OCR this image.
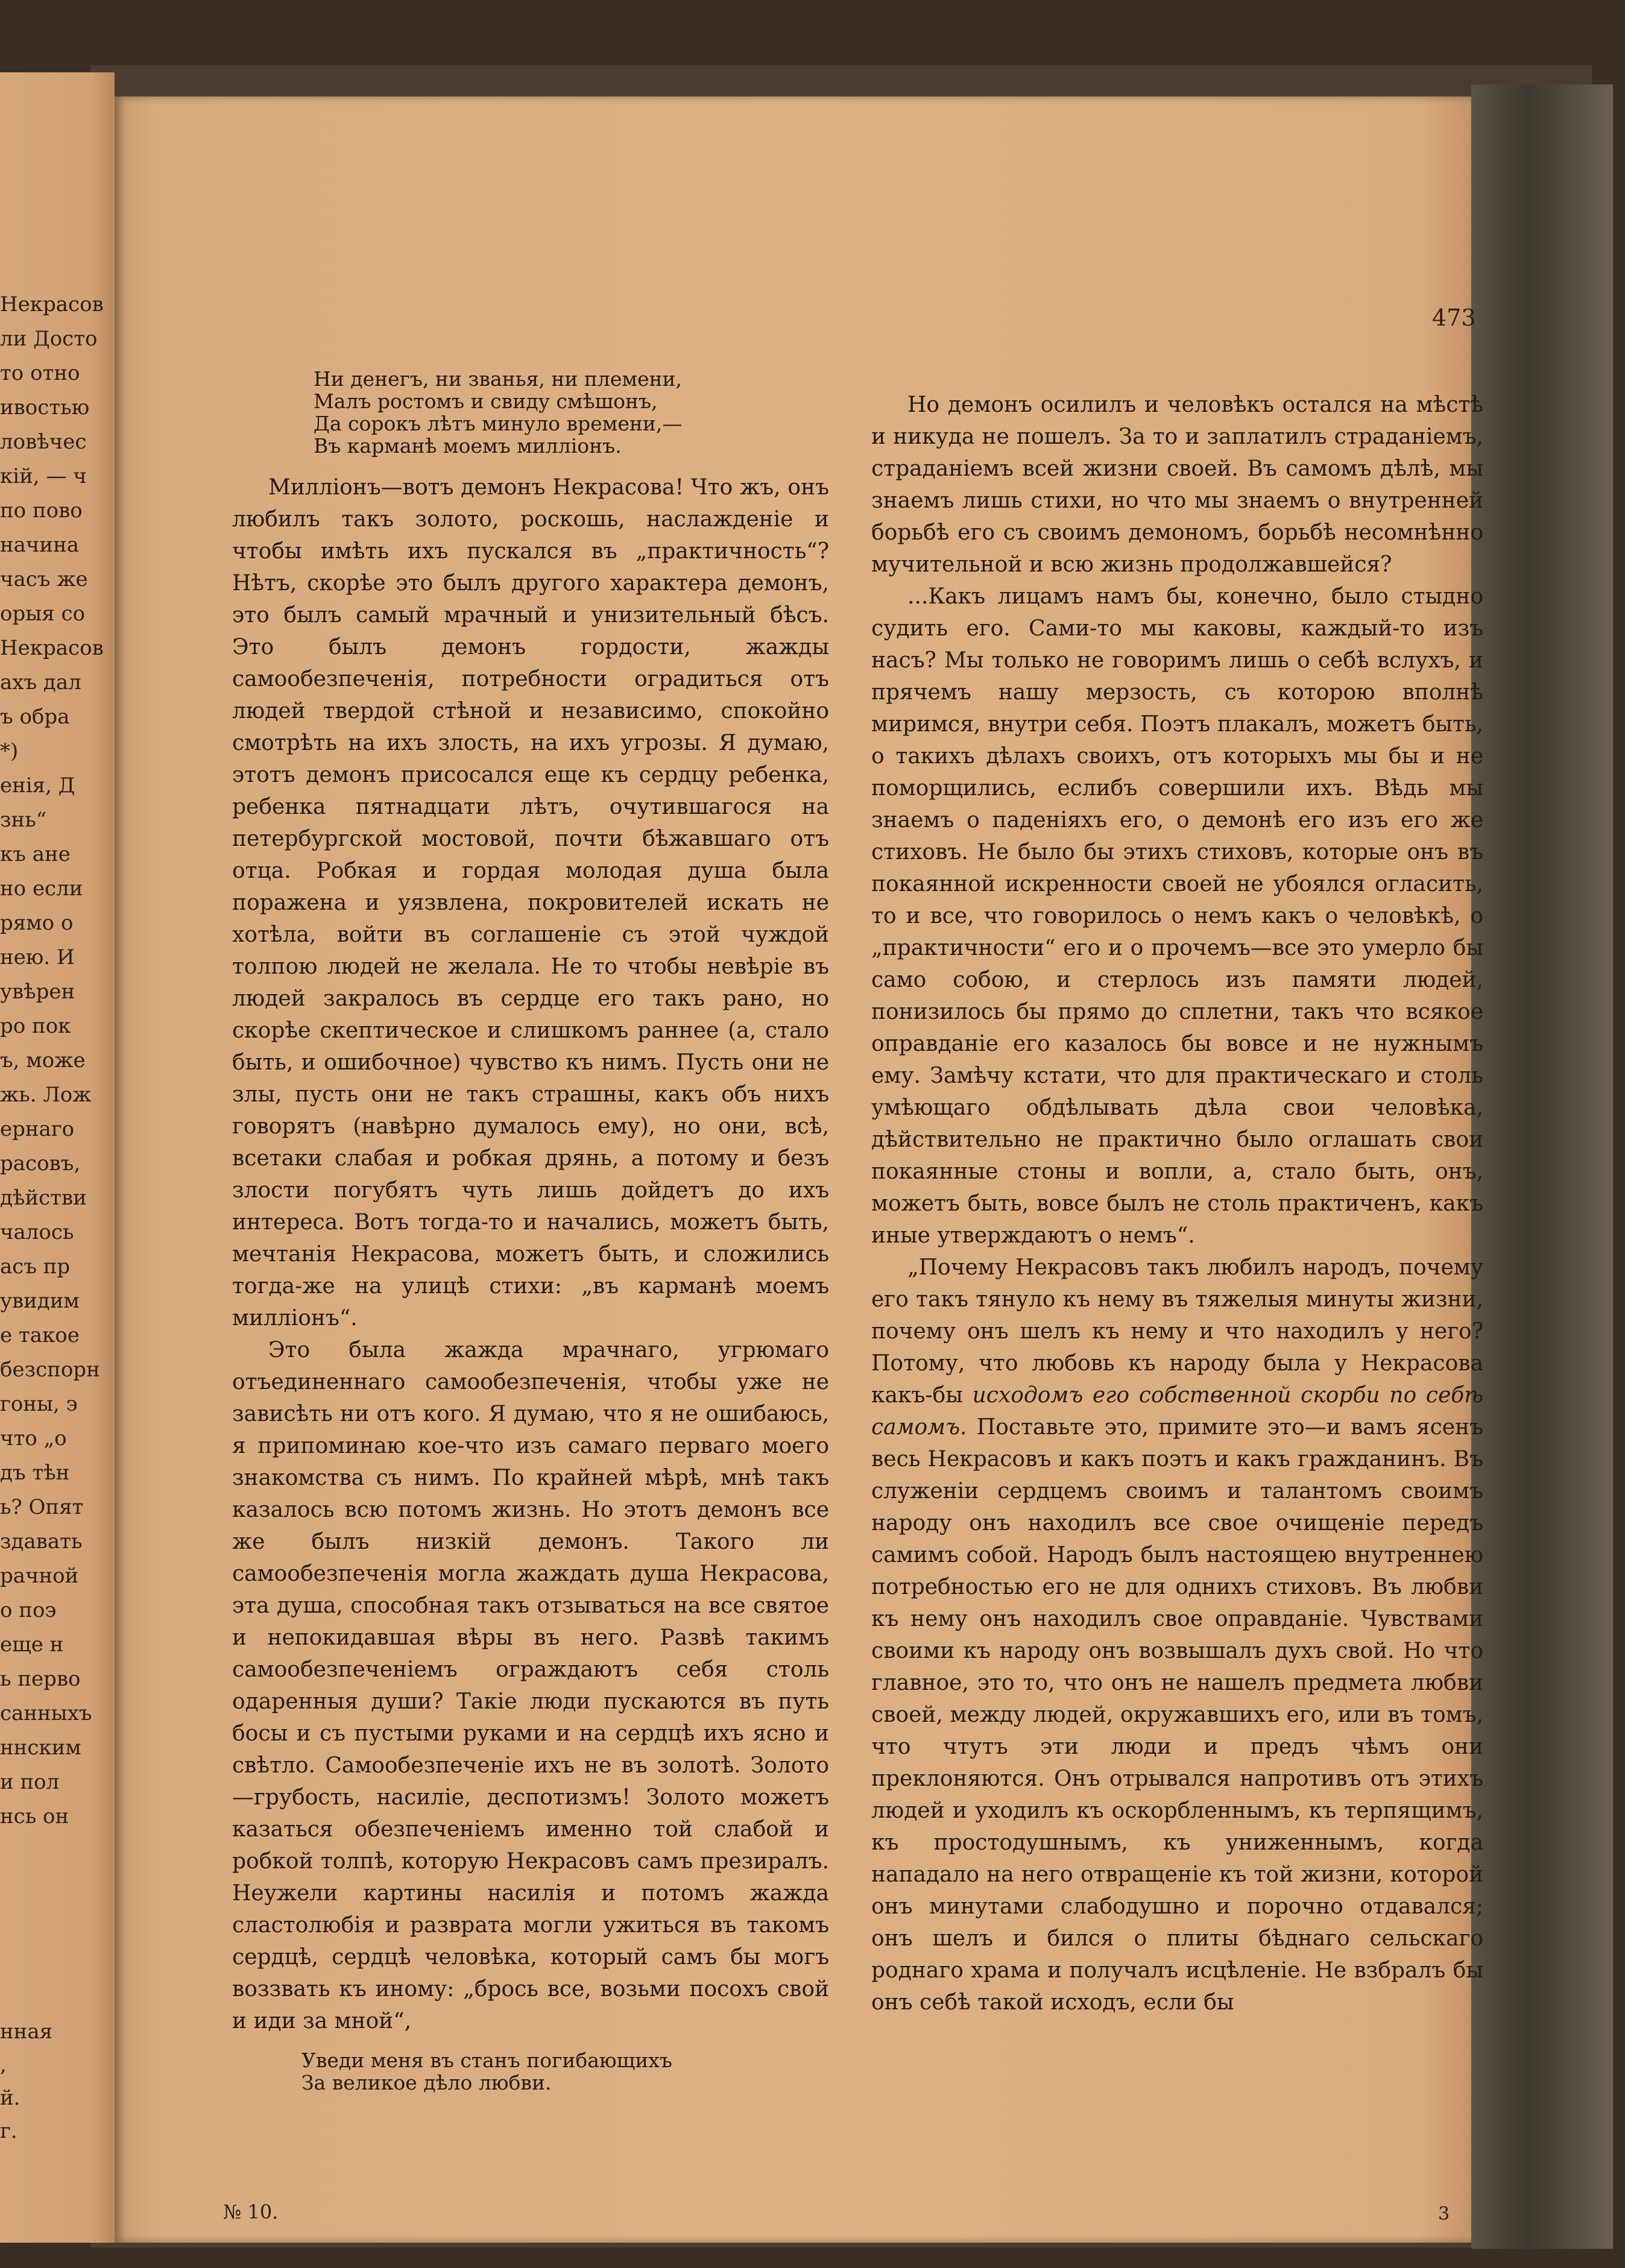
Некрасов
ли Досто
то отно
ивостью
ловѣчес
кій, — ч
по пово
начина
часъ же
орыя со
Некрасов
ахъ дал
ъ обра
*)
енія, Д
знь“
къ ане
но если
рямо о
нею. И
увѣрен
ро пок
ъ, може
жь. Лож
ернаго
расовъ,
дѣйстви
чалось
асъ пр
увидим
е такое
безспорн
гоны, э
что „о
дъ тѣн
ь? Опят
здавать
рачной
о поэ
еще н
ь перво
санныхъ
ннским
и пол
нсь он
нная
,
й.
г.
473
Ни денегъ, ни званья, ни племени,
Малъ ростомъ и свиду смѣшонъ,
Да сорокъ лѣтъ минуло времени,—
Въ карманѣ моемъ милліонъ.

Милліонъ—вотъ демонъ Некрасова! Что жъ, онъ любилъ такъ золото, роскошь, наслажденіе и чтобы имѣть ихъ пускался въ „практичность“? Нѣтъ, скорѣе это былъ другого характера демонъ, это былъ самый мрачный и унизительный бѣсъ. Это былъ демонъ гордости, жажды самообезпеченія, потребности оградиться отъ людей твердой стѣной и независимо, спокойно смотрѣть на ихъ злость, на ихъ угрозы. Я думаю, этотъ демонъ присосался еще къ сердцу ребенка, ребенка пятнадцати лѣтъ, очутившагося на петербургской мостовой, почти бѣжавшаго отъ отца. Робкая и гордая молодая душа была поражена и уязвлена, покровителей искать не хотѣла, войти въ соглашеніе съ этой чуждой толпою людей не желала. Не то чтобы невѣріе въ людей закралось въ сердце его такъ рано, но скорѣе скептическое и слишкомъ раннее (а, стало быть, и ошибочное) чувство къ нимъ. Пусть они не злы, пусть они не такъ страшны, какъ объ нихъ говорятъ (навѣрно думалось ему), но они, всѣ, всетаки слабая и робкая дрянь, а потому и безъ злости погубятъ чуть лишь дойдетъ до ихъ интереса. Вотъ тогда-то и начались, можетъ быть, мечтанія Некрасова, можетъ быть, и сложились тогда-же на улицѣ стихи: „въ карманѣ моемъ милліонъ“.

Это была жажда мрачнаго, угрюмаго отъединеннаго самообезпеченія, чтобы уже не зависѣть ни отъ кого. Я думаю, что я не ошибаюсь, я припоминаю кое-что изъ самаго перваго моего знакомства съ нимъ. По крайней мѣрѣ, мнѣ такъ казалось всю потомъ жизнь. Но этотъ демонъ все же былъ низкій демонъ. Такого ли самообезпеченія могла жаждать душа Некрасова, эта душа, способная такъ отзываться на все святое и непокидавшая вѣры въ него. Развѣ такимъ самообезпеченіемъ ограждаютъ себя столь одаренныя души? Такіе люди пускаются въ путь босы и съ пустыми руками и на сердцѣ ихъ ясно и свѣтло. Самообезпеченіе ихъ не въ золотѣ. Золото—грубость, насиліе, деспотизмъ! Золото можетъ казаться обезпеченіемъ именно той слабой и робкой толпѣ, которую Некрасовъ самъ презиралъ. Неужели картины насилія и потомъ жажда сластолюбія и разврата могли ужиться въ такомъ сердцѣ, сердцѣ человѣка, который самъ бы могъ воззвать къ иному: „брось все, возьми посохъ свой и иди за мной“,

Уведи меня въ станъ погибающихъ
За великое дѣло любви.

Но демонъ осилилъ и человѣкъ остался на мѣстѣ и никуда не пошелъ. За то и заплатилъ страданіемъ, страданіемъ всей жизни своей. Въ самомъ дѣлѣ, мы знаемъ лишь стихи, но что мы знаемъ о внутренней борьбѣ его съ своимъ демономъ, борьбѣ несомнѣнно мучительной и всю жизнь продолжавшейся?

...Какъ лицамъ намъ бы, конечно, было стыдно судить его. Сами-то мы каковы, каждый-то изъ насъ? Мы только не говоримъ лишь о себѣ вслухъ, и прячемъ нашу мерзость, съ которою вполнѣ миримся, внутри себя. Поэтъ плакалъ, можетъ быть, о такихъ дѣлахъ своихъ, отъ которыхъ мы бы и не поморщились, еслибъ совершили ихъ. Вѣдь мы знаемъ о паденіяхъ его, о демонѣ его изъ его же стиховъ. Не было бы этихъ стиховъ, которые онъ въ покаянной искренности своей не убоялся огласить, то и все, что говорилось о немъ какъ о человѣкѣ, о „практичности“ его и о прочемъ—все это умерло бы само собою, и стерлось изъ памяти людей, понизилось бы прямо до сплетни, такъ что всякое оправданіе его казалось бы вовсе и не нужнымъ ему. Замѣчу кстати, что для практическаго и столь умѣющаго обдѣлывать дѣла свои человѣка, дѣйствительно не практично было оглашать свои покаянные стоны и вопли, а, стало быть, онъ, можетъ быть, вовсе былъ не столь практиченъ, какъ иные утверждаютъ о немъ“.

„Почему Некрасовъ такъ любилъ народъ, почему его такъ тянуло къ нему въ тяжелыя минуты жизни, почему онъ шелъ къ нему и что находилъ у него? Потому, что любовь къ народу была у Некрасова какъ-бы исходомъ его собственной скорби по себѣ самомъ. Поставьте это, примите это—и вамъ ясенъ весь Некрасовъ и какъ поэтъ и какъ гражданинъ. Въ служеніи сердцемъ своимъ и талантомъ своимъ народу онъ находилъ все свое очищеніе передъ самимъ собой. Народъ былъ настоящею внутреннею потребностью его не для однихъ стиховъ. Въ любви къ нему онъ находилъ свое оправданіе. Чувствами своими къ народу онъ возвышалъ духъ свой. Но что главное, это то, что онъ не нашелъ предмета любви своей, между людей, окружавшихъ его, или въ томъ, что чтутъ эти люди и предъ чѣмъ они преклоняются. Онъ отрывался напротивъ отъ этихъ людей и уходилъ къ оскорбленнымъ, къ терпящимъ, къ простодушнымъ, къ униженнымъ, когда нападало на него отвращеніе къ той жизни, которой онъ минутами слабодушно и порочно отдавался; онъ шелъ и бился о плиты бѣднаго сельскаго роднаго храма и получалъ исцѣленіе. Не взбралъ бы онъ себѣ такой исходъ, если бы

№ 10.	3
